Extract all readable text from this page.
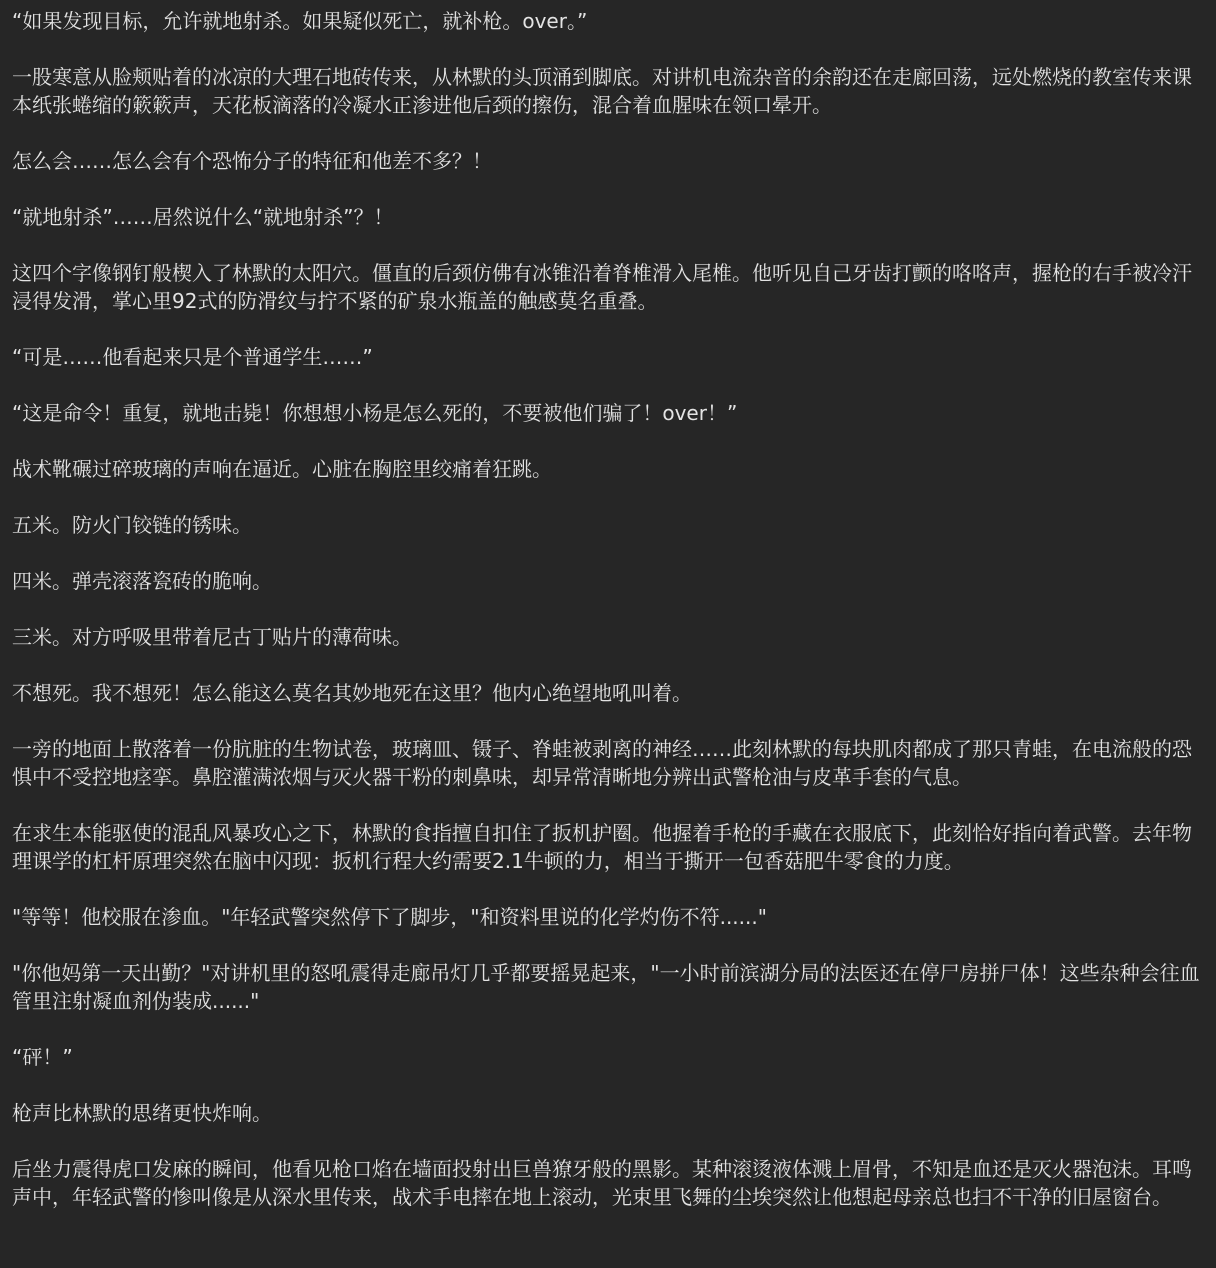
“如果发现目标，允许就地射杀。如果疑似死亡，就补枪。over。”

一股寒意从脸颊贴着的冰凉的大理石地砖传来，从林默的头顶涌到脚底。对讲机电流杂音的余韵还在走廊回荡，远处燃烧的教室传来课本纸张蜷缩的簌簌声，天花板滴落的冷凝水正渗进他后颈的擦伤，混合着血腥味在领口晕开。

怎么会……怎么会有个恐怖分子的特征和他差不多？！

“就地射杀”……居然说什么“就地射杀”？！

这四个字像钢钉般楔入了林默的太阳穴。僵直的后颈仿佛有冰锥沿着脊椎滑入尾椎。他听见自己牙齿打颤的咯咯声，握枪的右手被冷汗浸得发滑，掌心里92式的防滑纹与拧不紧的矿泉水瓶盖的触感莫名重叠。

“可是……他看起来只是个普通学生……”

“这是命令！重复，就地击毙！你想想小杨是怎么死的，不要被他们骗了！over！”

战术靴碾过碎玻璃的声响在逼近。心脏在胸腔里绞痛着狂跳。

五米。防火门铰链的锈味。

四米。弹壳滚落瓷砖的脆响。

三米。对方呼吸里带着尼古丁贴片的薄荷味。

不想死。我不想死！怎么能这么莫名其妙地死在这里？他内心绝望地吼叫着。

一旁的地面上散落着一份肮脏的生物试卷，玻璃皿、镊子、脊蛙被剥离的神经……此刻林默的每块肌肉都成了那只青蛙，在电流般的恐惧中不受控地痉挛。鼻腔灌满浓烟与灭火器干粉的刺鼻味，却异常清晰地分辨出武警枪油与皮革手套的气息。

在求生本能驱使的混乱风暴攻心之下，林默的食指擅自扣住了扳机护圈。他握着手枪的手藏在衣服底下，此刻恰好指向着武警。去年物理课学的杠杆原理突然在脑中闪现：扳机行程大约需要2.1牛顿的力，相当于撕开一包香菇肥牛零食的力度。

"等等！他校服在渗血。"年轻武警突然停下了脚步，"和资料里说的化学灼伤不符......"

"你他妈第一天出勤？"对讲机里的怒吼震得走廊吊灯几乎都要摇晃起来，"一小时前滨湖分局的法医还在停尸房拼尸体！这些杂种会往血管里注射凝血剂伪装成......"

“砰！”

枪声比林默的思绪更快炸响。

后坐力震得虎口发麻的瞬间，他看见枪口焰在墙面投射出巨兽獠牙般的黑影。某种滚烫液体溅上眉骨，不知是血还是灭火器泡沫。耳鸣声中，年轻武警的惨叫像是从深水里传来，战术手电摔在地上滚动，光束里飞舞的尘埃突然让他想起母亲总也扫不干净的旧屋窗台。
